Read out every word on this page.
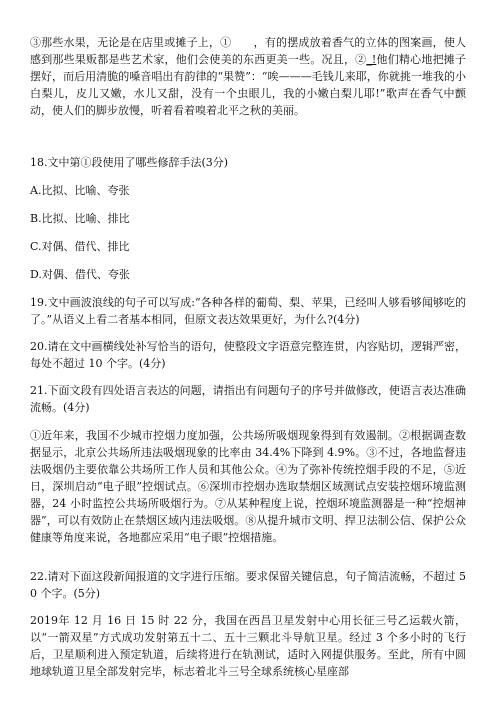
③那些水果，无论是在店里或摊子上，①　　，有的摆成放着香气的立体的图案画，使人感到那些果贩都是些艺术家，他们会使美的东西更美一些。况且，②_!他们精心地把摊子摆好，而后用清脆的嗓音唱出有韵律的“果赞”：“唉———毛钱儿来耶，你就挑一堆我的小白梨儿，皮儿又嫩，水儿又甜，没有一个虫眼儿，我的小嫩白梨儿耶!”歌声在香气中颤动，使人们的脚步放慢，听着看着嗅着北平之秋的美丽。

18.文中第①段使用了哪些修辞手法(3分)

A.比拟、比喻、夸张

B.比拟、比喻、排比

C.对偶、借代、排比

D.对偶、借代、夸张

19.文中画波浪线的句子可以写成:“各种各样的葡萄、梨、苹果，已经叫人够看够闻够吃的了。”从语义上看二者基本相同，但原文表达效果更好，为什么?(4分)

20.请在文中画横线处补写恰当的语句，使整段文字语意完整连贯，内容贴切，逻辑严密，每处不超过 10 个字。(4分)

21.下面文段有四处语言表达的问题，请指出有问题句子的序号并做修改，使语言表达准确流畅。(4分)

①近年来，我国不少城市控烟力度加强，公共场所吸烟现象得到有效遏制。②根据调查数据显示，北京公共场所违法吸烟现象的比率由 34.4%下降到 4.9%。③不过，各地监督违法吸烟仍主要依靠公共场所工作人员和其他公众。④为了弥补传统控烟手段的不足，⑤近日，深圳启动“电子眼”控烟试点。⑥深圳市控烟办选取禁烟区域测试点安装控烟环境监测器，24 小时监控公共场所吸烟行为。⑦从某种程度上说，控烟环境监测器是一种“控烟神器”，可以有效防止在禁烟区域内违法吸烟。⑧从提升城市文明、捍卫法制公信、保护公众健康等角度来说，各地都应采用“电子眼”控烟措施。

22.请对下面这段新闻报道的文字进行压缩。要求保留关键信息，句子简洁流畅，不超过 50 个字。(5分)

2019年 12 月 16 日 15 时 22 分，我国在西昌卫星发射中心用长征三号乙运载火箭，以“一箭双星”方式成功发射第五十二、五十三颗北斗导航卫星。经过 3 个多小时的飞行后，卫星顺利进入预定轨道，后续将进行在轨测试，适时入网提供服务。至此，所有中圆地球轨道卫星全部发射完毕，标志着北斗三号全球系统核心星座部
